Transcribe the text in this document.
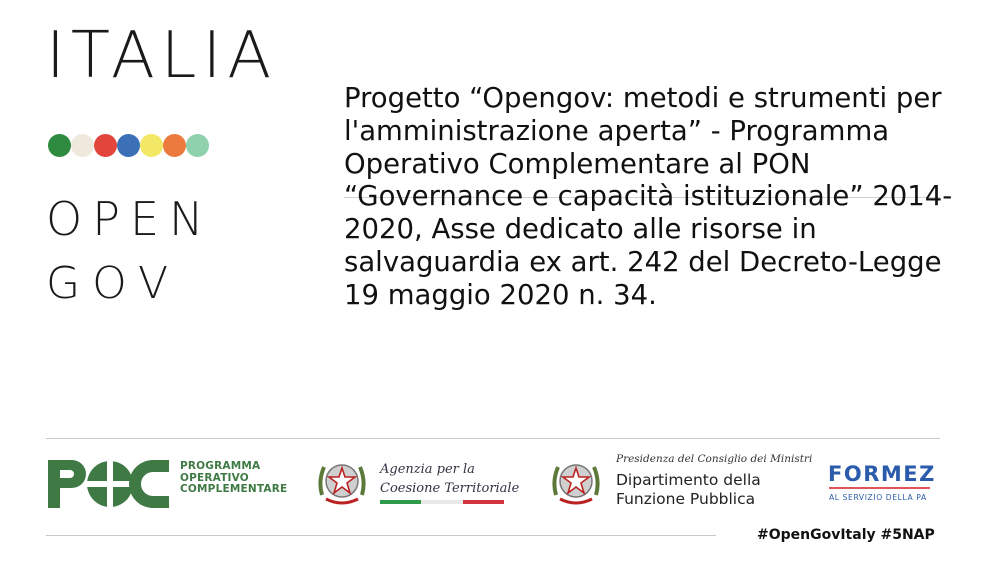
ITALIA
OPEN
GOV
Progetto “Opengov: metodi e strumenti per l'amministrazione aperta” - Programma
Operativo Complementare al PON “Governance e capacità istituzionale” 2014-2020, Asse dedicato alle risorse in salvaguardia ex art. 242 del Decreto-Legge 19 maggio 2020 n. 34.
PROGRAMMA
OPERATIVO
COMPLEMENTARE
Agenzia per la
Coesione Territoriale
Presidenza del Consiglio dei Ministri
Dipartimento della
Funzione Pubblica
FORMEZ
AL SERVIZIO DELLA PA
#OpenGovItaly #5NAP
